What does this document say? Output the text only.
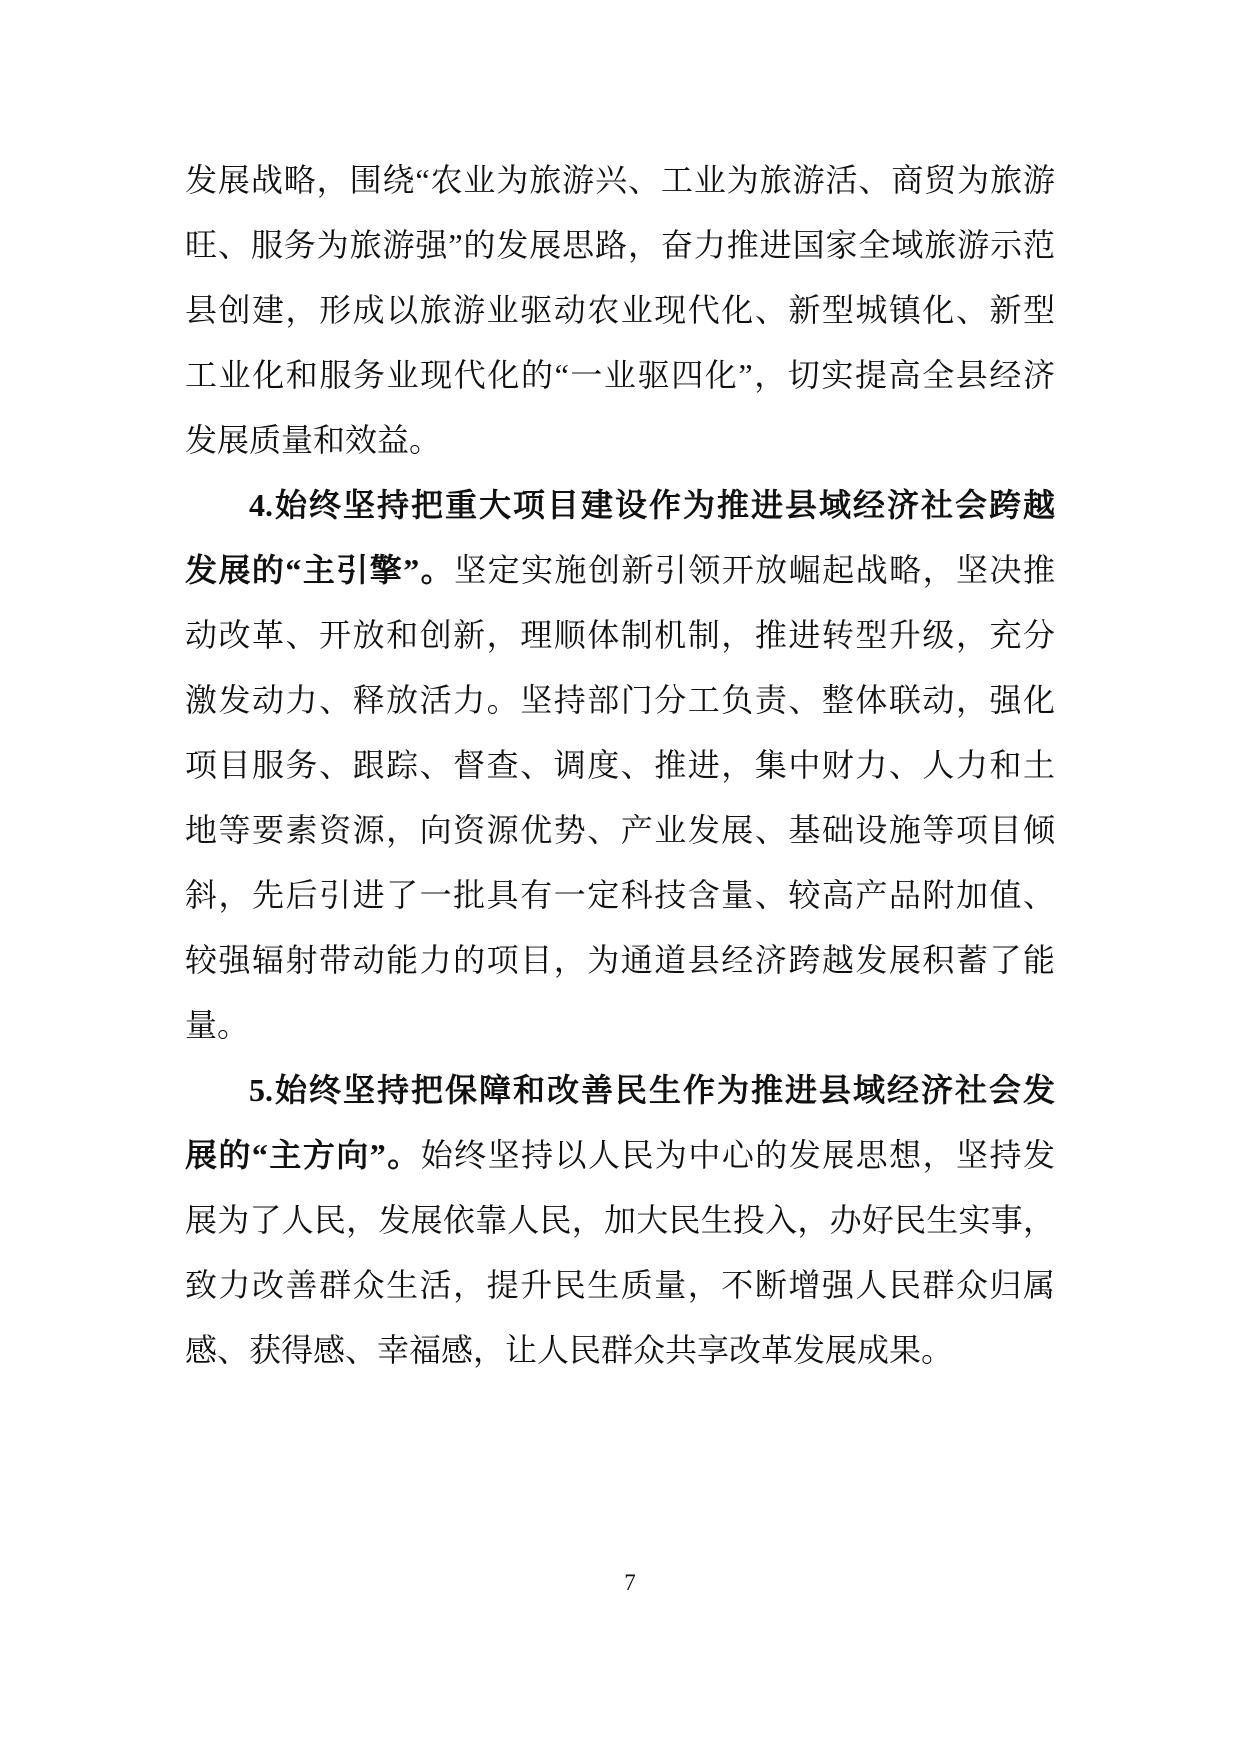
发展战略，围绕“农业为旅游兴、工业为旅游活、商贸为旅游
旺、服务为旅游强”的发展思路，奋力推进国家全域旅游示范
县创建，形成以旅游业驱动农业现代化、新型城镇化、新型
工业化和服务业现代化的“一业驱四化”，切实提高全县经济
发展质量和效益。
4.始终坚持把重大项目建设作为推进县域经济社会跨越
发展的“主引擎”。坚定实施创新引领开放崛起战略，坚决推
动改革、开放和创新，理顺体制机制，推进转型升级，充分
激发动力、释放活力。坚持部门分工负责、整体联动，强化
项目服务、跟踪、督查、调度、推进，集中财力、人力和土
地等要素资源，向资源优势、产业发展、基础设施等项目倾
斜，先后引进了一批具有一定科技含量、较高产品附加值、
较强辐射带动能力的项目，为通道县经济跨越发展积蓄了能
量。
5.始终坚持把保障和改善民生作为推进县域经济社会发
展的“主方向”。始终坚持以人民为中心的发展思想，坚持发
展为了人民，发展依靠人民，加大民生投入，办好民生实事，
致力改善群众生活，提升民生质量，不断增强人民群众归属
感、获得感、幸福感，让人民群众共享改革发展成果。
7
